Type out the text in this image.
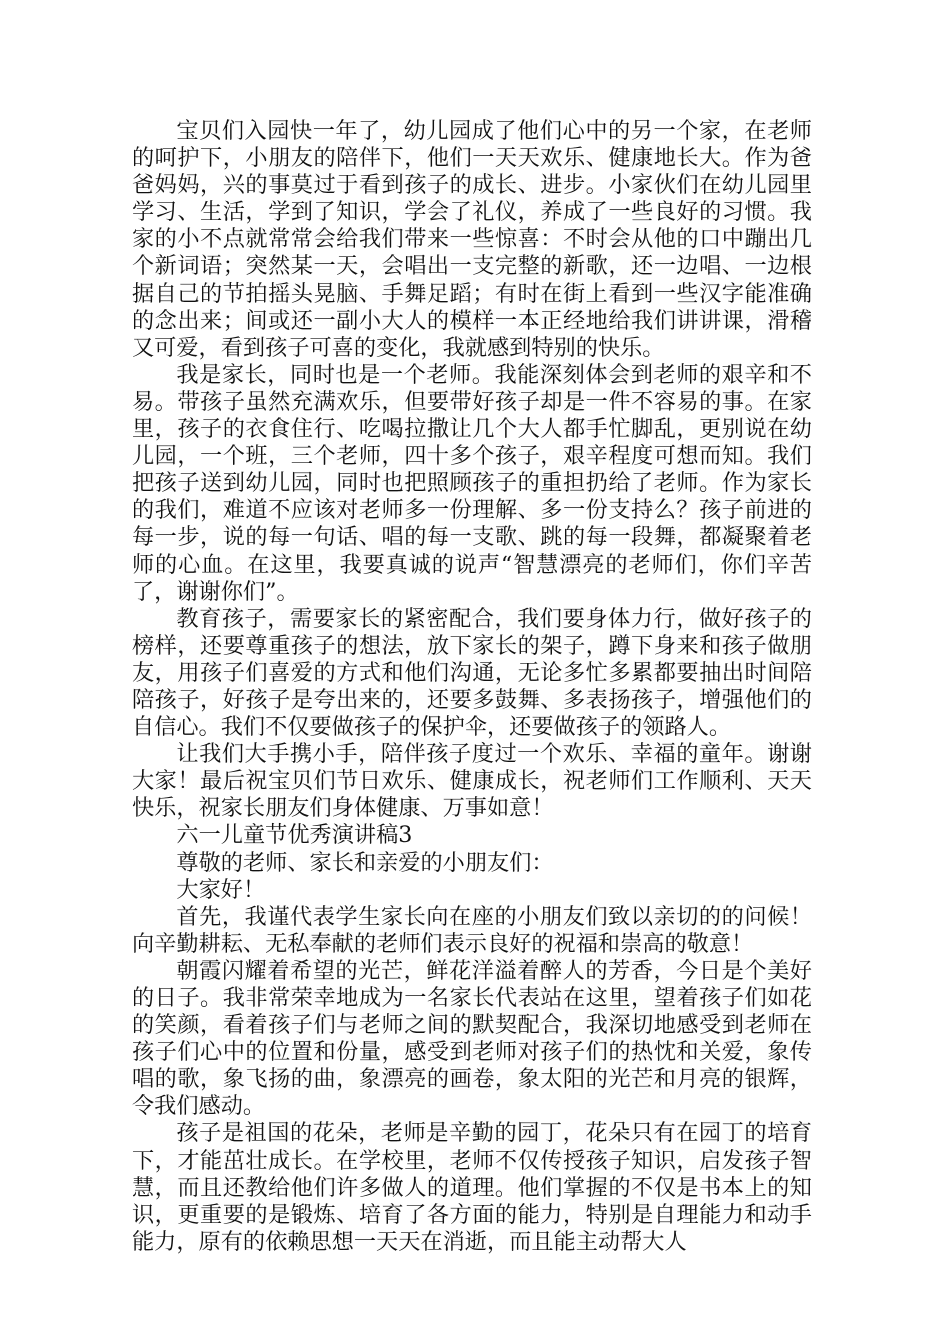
宝贝们入园快一年了，幼儿园成了他们心中的另一个家，在老师的呵护下，小朋友的陪伴下，他们一天天欢乐、健康地长大。作为爸爸妈妈，兴的事莫过于看到孩子的成长、进步。小家伙们在幼儿园里学习、生活，学到了知识，学会了礼仪，养成了一些良好的习惯。我家的小不点就常常会给我们带来一些惊喜：不时会从他的口中蹦出几个新词语；突然某一天，会唱出一支完整的新歌，还一边唱、一边根据自己的节拍摇头晃脑、手舞足蹈；有时在街上看到一些汉字能准确的念出来；间或还一副小大人的模样一本正经地给我们讲讲课，滑稽又可爱，看到孩子可喜的变化，我就感到特别的快乐。

我是家长，同时也是一个老师。我能深刻体会到老师的艰辛和不易。带孩子虽然充满欢乐，但要带好孩子却是一件不容易的事。在家里，孩子的衣食住行、吃喝拉撒让几个大人都手忙脚乱，更别说在幼儿园，一个班，三个老师，四十多个孩子，艰辛程度可想而知。我们把孩子送到幼儿园，同时也把照顾孩子的重担扔给了老师。作为家长的我们，难道不应该对老师多一份理解、多一份支持么？孩子前进的每一步，说的每一句话、唱的每一支歌、跳的每一段舞，都凝聚着老师的心血。在这里，我要真诚的说声“智慧漂亮的老师们，你们辛苦了，谢谢你们”。

教育孩子，需要家长的紧密配合，我们要身体力行，做好孩子的榜样，还要尊重孩子的想法，放下家长的架子，蹲下身来和孩子做朋友，用孩子们喜爱的方式和他们沟通，无论多忙多累都要抽出时间陪陪孩子，好孩子是夸出来的，还要多鼓舞、多表扬孩子，增强他们的自信心。我们不仅要做孩子的保护伞，还要做孩子的领路人。

让我们大手携小手，陪伴孩子度过一个欢乐、幸福的童年。谢谢大家！最后祝宝贝们节日欢乐、健康成长，祝老师们工作顺利、天天快乐，祝家长朋友们身体健康、万事如意！

六一儿童节优秀演讲稿3

尊敬的老师、家长和亲爱的小朋友们：

大家好！

首先，我谨代表学生家长向在座的小朋友们致以亲切的的问候！向辛勤耕耘、无私奉献的老师们表示良好的祝福和崇高的敬意！

朝霞闪耀着希望的光芒，鲜花洋溢着醉人的芳香，今日是个美好的日子。我非常荣幸地成为一名家长代表站在这里，望着孩子们如花的笑颜，看着孩子们与老师之间的默契配合，我深切地感受到老师在孩子们心中的位置和份量，感受到老师对孩子们的热忱和关爱，象传唱的歌，象飞扬的曲，象漂亮的画卷，象太阳的光芒和月亮的银辉，令我们感动。

孩子是祖国的花朵，老师是辛勤的园丁，花朵只有在园丁的培育下，才能茁壮成长。在学校里，老师不仅传授孩子知识，启发孩子智慧，而且还教给他们许多做人的道理。他们掌握的不仅是书本上的知识，更重要的是锻炼、培育了各方面的能力，特别是自理能力和动手能力，原有的依赖思想一天天在消逝，而且能主动帮大人
